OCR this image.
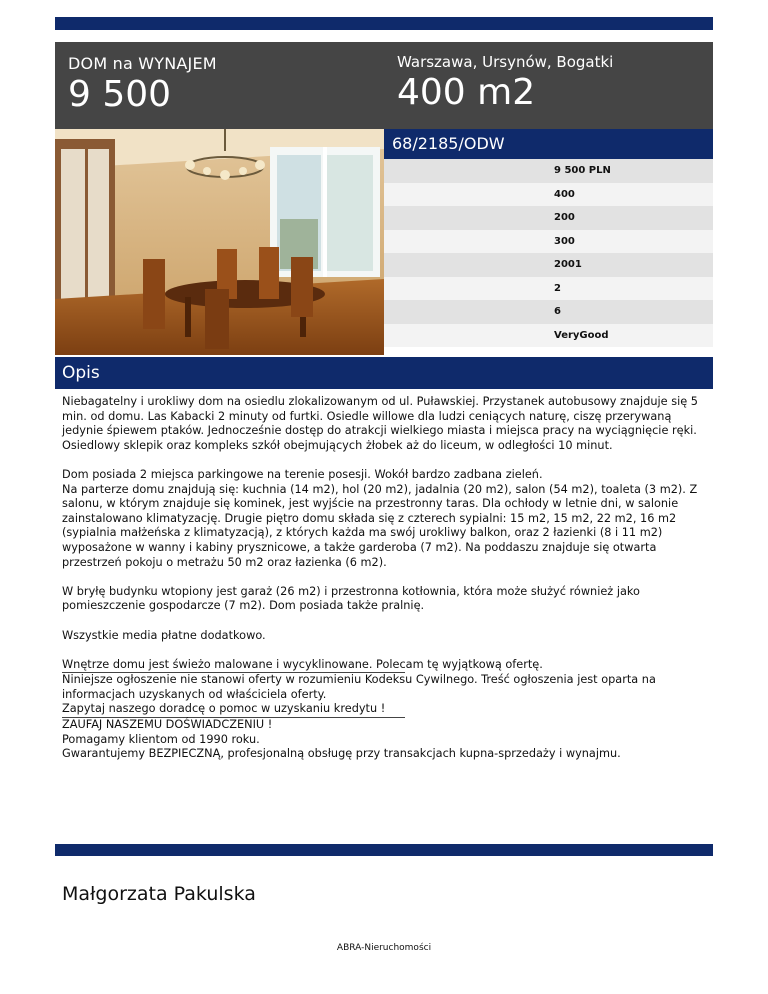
DOM na WYNAJEM
9 500
Warszawa, Ursynów, Bogatki
400 m2
68/2185/ODW
9 500 PLN
400
200
300
2001
2
6
VeryGood
Opis

Niebagatelny i urokliwy dom na osiedlu zlokalizowanym od ul. Puławskiej. Przystanek autobusowy znajduje się 5 min. od domu. Las Kabacki 2 minuty od furtki. Osiedle willowe dla ludzi ceniących naturę, ciszę przerywaną jedynie śpiewem ptaków. Jednocześnie dostęp do atrakcji wielkiego miasta i miejsca pracy na wyciągnięcie ręki. Osiedlowy sklepik oraz kompleks szkół obejmujących żłobek aż do liceum, w odległości 10 minut.

Dom posiada 2 miejsca parkingowe na terenie posesji. Wokół bardzo zadbana zieleń.
Na parterze domu znajdują się: kuchnia (14 m2), hol (20 m2), jadalnia (20 m2), salon (54 m2), toaleta (3 m2). Z salonu, w którym znajduje się kominek, jest wyjście na przestronny taras. Dla ochłody w letnie dni, w salonie zainstalowano klimatyzację. Drugie piętro domu składa się z czterech sypialni: 15 m2, 15 m2, 22 m2, 16 m2 (sypialnia małżeńska z klimatyzacją), z których każda ma swój urokliwy balkon, oraz 2 łazienki (8 i 11 m2) wyposażone w wanny i kabiny prysznicowe, a także garderoba (7 m2). Na poddaszu znajduje się otwarta przestrzeń pokoju o metrażu 50 m2 oraz łazienka (6 m2).

W bryłę budynku wtopiony jest garaż (26 m2) i przestronna kotłownia, która może służyć również jako pomieszczenie gospodarcze (7 m2). Dom posiada także pralnię.

Wszystkie media płatne dodatkowo.

Wnętrze domu jest świeżo malowane i wycyklinowane. Polecam tę wyjątkową ofertę.

Niniejsze ogłoszenie nie stanowi oferty w rozumieniu Kodeksu Cywilnego. Treść ogłoszenia jest oparta na informacjach uzyskanych od właściciela oferty.
Zapytaj naszego doradcę o pomoc w uzyskaniu kredytu !

ZAUFAJ NASZEMU DOŚWIADCZENIU !
Pomagamy klientom od 1990 roku.
Gwarantujemy BEZPIECZNĄ, profesjonalną obsługę przy transakcjach kupna-sprzedaży i wynajmu.

Małgorzata Pakulska
ABRA-Nieruchomości
